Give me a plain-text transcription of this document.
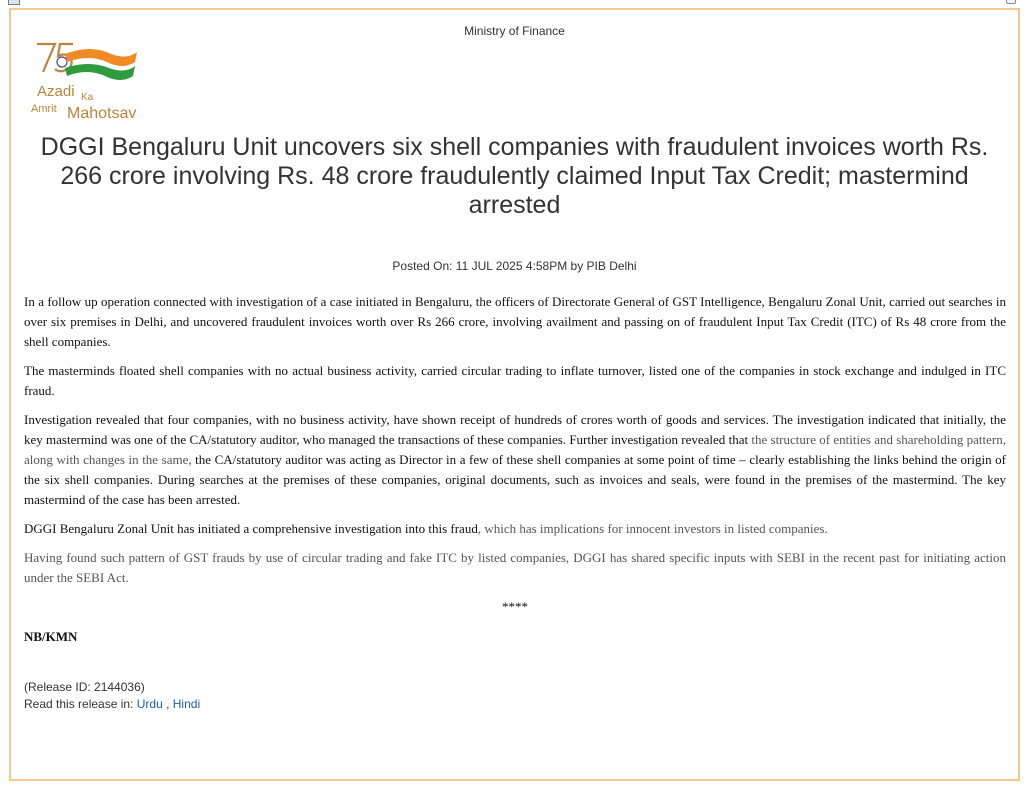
Ministry of Finance
Azadi Ka
Amrit Mahotsav
DGGI Bengaluru Unit uncovers six shell companies with fraudulent invoices worth Rs. 266 crore involving Rs. 48 crore fraudulently claimed Input Tax Credit; mastermind arrested
Posted On: 11 JUL 2025 4:58PM by PIB Delhi

In a follow up operation connected with investigation of a case initiated in Bengaluru, the officers of Directorate General of GST Intelligence, Bengaluru Zonal Unit, carried out searches in over six premises in Delhi, and uncovered fraudulent invoices worth over Rs 266 crore, involving availment and passing on of fraudulent Input Tax Credit (ITC) of Rs 48 crore from the shell companies.

The masterminds floated shell companies with no actual business activity, carried circular trading to inflate turnover, listed one of the companies in stock exchange and indulged in ITC fraud.

Investigation revealed that four companies, with no business activity, have shown receipt of hundreds of crores worth of goods and services. The investigation indicated that initially, the key mastermind was one of the CA/statutory auditor, who managed the transactions of these companies. Further investigation revealed that the structure of entities and shareholding pattern, along with changes in the same, the CA/statutory auditor was acting as Director in a few of these shell companies at some point of time – clearly establishing the links behind the origin of the six shell companies. During searches at the premises of these companies, original documents, such as invoices and seals, were found in the premises of the mastermind. The key mastermind of the case has been arrested.

DGGI Bengaluru Zonal Unit has initiated a comprehensive investigation into this fraud, which has implications for innocent investors in listed companies.

Having found such pattern of GST frauds by use of circular trading and fake ITC by listed companies, DGGI has shared specific inputs with SEBI in the recent past for initiating action under the SEBI Act.

****

NB/KMN

(Release ID: 2144036)
Read this release in: Urdu , Hindi
